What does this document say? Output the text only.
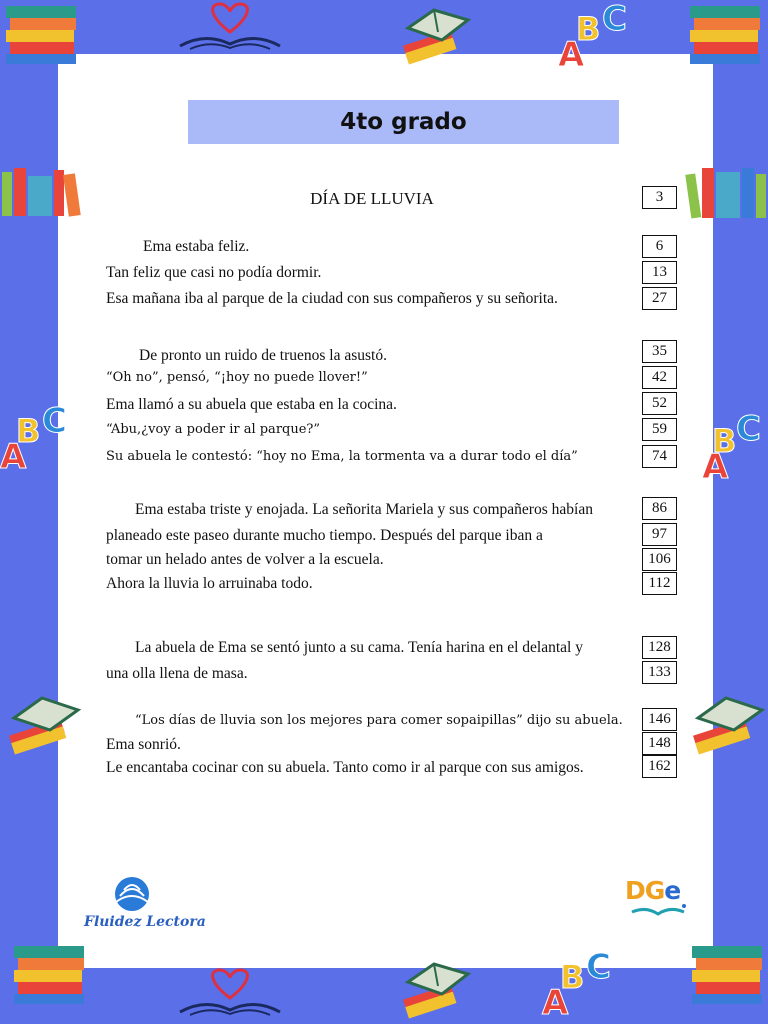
A
B C
A
B C
A
B C
A
B C
4to grado
DÍA DE LLUVIA	3
Ema estaba feliz.	6
Tan feliz que casi no podía dormir.	13
Esa mañana iba al parque de la ciudad con sus compañeros y su señorita.	27
De pronto un ruido de truenos la asustó.	35
“Oh no”, pensó, “¡hoy no puede llover!”	42
Ema llamó a su abuela que estaba en la cocina.	52
“Abu,¿voy a poder ir al parque?”	59
Su abuela le contestó: “hoy no Ema, la tormenta va a durar todo el día”	74
Ema estaba triste y enojada. La señorita Mariela y sus compañeros habían	86
planeado este paseo durante mucho tiempo. Después del parque iban a	97
tomar un helado antes de volver a la escuela.	106
Ahora la lluvia lo arruinaba todo.	112
La abuela de Ema se sentó junto a su cama. Tenía harina en el delantal y	128
una olla llena de masa.	133
“Los días de lluvia son los mejores para comer sopaipillas” dijo su abuela.	146
Ema sonrió.	148
Le encantaba cocinar con su abuela. Tanto como ir al parque con sus amigos.	162
Fluidez Lectora
DGe
